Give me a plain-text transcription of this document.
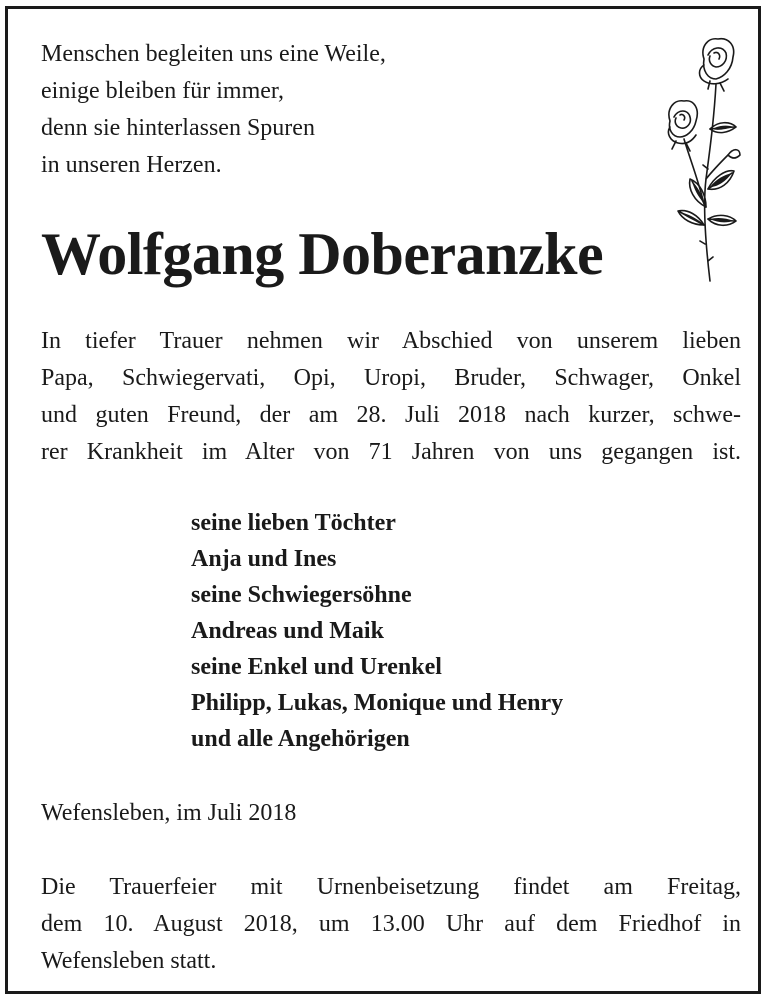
Menschen begleiten uns eine Weile,
einige bleiben für immer,
denn sie hinterlassen Spuren
in unseren Herzen.
Wolfgang Doberanzke
In tiefer Trauer nehmen wir Abschied von unserem lieben
Papa, Schwiegervati, Opi, Uropi, Bruder, Schwager, Onkel
und guten Freund, der am 28. Juli 2018 nach kurzer, schwe-
rer Krankheit im Alter von 71 Jahren von uns gegangen ist.
seine lieben Töchter
Anja und Ines
seine Schwiegersöhne
Andreas und Maik
seine Enkel und Urenkel
Philipp, Lukas, Monique und Henry
und alle Angehörigen
Wefensleben, im Juli 2018
Die Trauerfeier mit Urnenbeisetzung findet am Freitag,
dem 10. August 2018, um 13.00 Uhr auf dem Friedhof in
Wefensleben statt.
